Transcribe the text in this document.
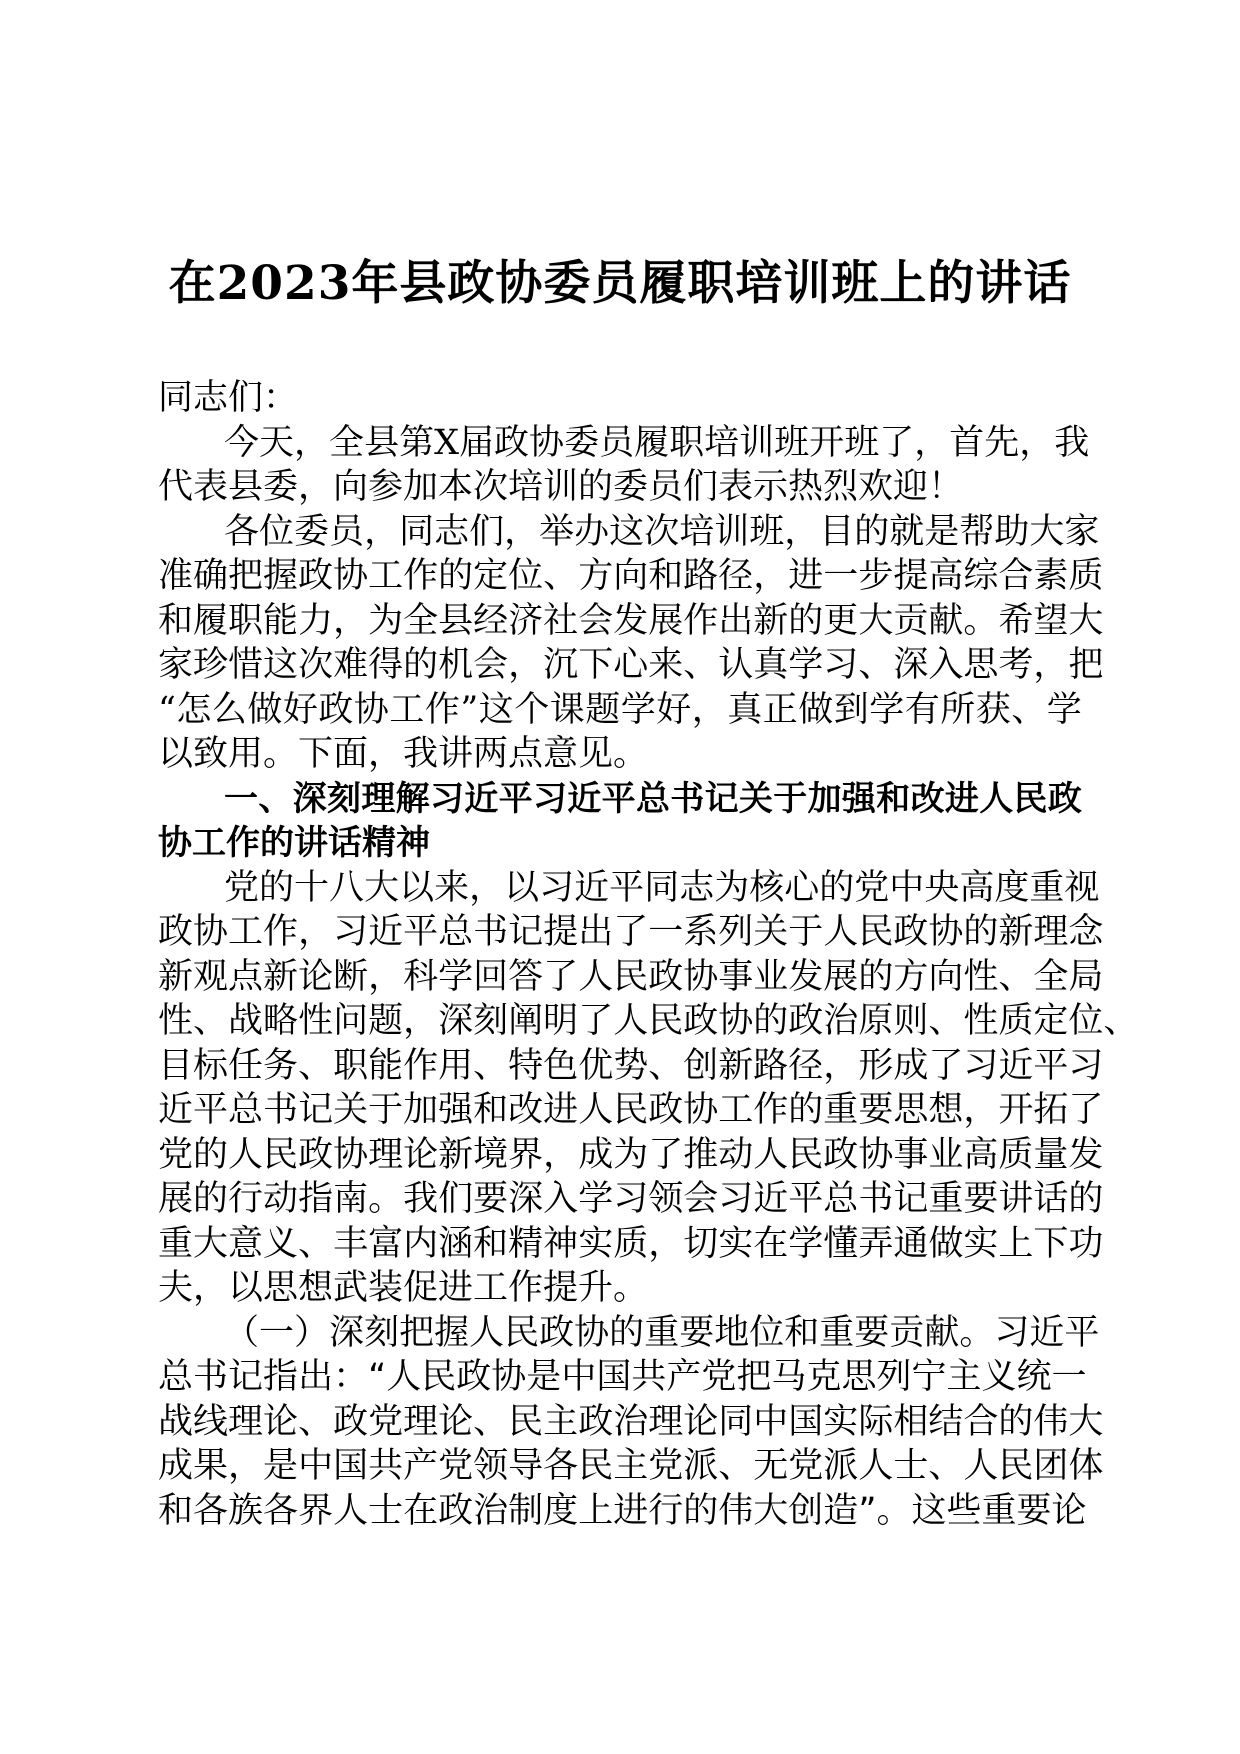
在2023年县政协委员履职培训班上的讲话
同志们：
今 天 ， 全 县 第 X 届 政 协 委 员 履 职 培 训 班 开 班 了 ， 首 先 ， 我
代表县委，向参加本次培训的委员们表示热烈欢迎！
各 位 委 员 ， 同 志 们 ， 举 办 这 次 培 训 班 ， 目 的 就 是 帮 助 大 家
准 确 把 握 政 协 工 作 的 定 位 、 方 向 和 路 径 ， 进 一 步 提 高 综 合 素 质
和 履 职 能 力 ， 为 全 县 经 济 社 会 发 展 作 出 新 的 更 大 贡 献 。 希 望 大
家 珍 惜 这 次 难 得 的 机 会 ， 沉 下 心 来 、 认 真 学 习 、 深 入 思 考 ， 把
“ 怎 么 做 好 政 协 工 作 ” 这 个 课 题 学 好 ， 真 正 做 到 学 有 所 获 、 学
以致用。下面，我讲两点意见。
一 、 深 刻 理 解 习 近 平 习 近 平 总 书 记 关 于 加 强 和 改 进 人 民 政
协工作的讲话精神
党 的 十 八 大 以 来 ， 以 习 近 平 同 志 为 核 心 的 党 中 央 高 度 重 视
政 协 工 作 ， 习 近 平 总 书 记 提 出 了 一 系 列 关 于 人 民 政 协 的 新 理 念
新 观 点 新 论 断 ， 科 学 回 答 了 人 民 政 协 事 业 发 展 的 方 向 性 、 全 局
性 、 战 略 性 问 题 ， 深 刻 阐 明 了 人 民 政 协 的 政 治 原 则 、 性 质 定 位 、
目 标 任 务 、 职 能 作 用 、 特 色 优 势 、 创 新 路 径 ， 形 成 了 习 近 平 习
近 平 总 书 记 关 于 加 强 和 改 进 人 民 政 协 工 作 的 重 要 思 想 ， 开 拓 了
党 的 人 民 政 协 理 论 新 境 界 ， 成 为 了 推 动 人 民 政 协 事 业 高 质 量 发
展 的 行 动 指 南 。 我 们 要 深 入 学 习 领 会 习 近 平 总 书 记 重 要 讲 话 的
重 大 意 义 、 丰 富 内 涵 和 精 神 实 质 ， 切 实 在 学 懂 弄 通 做 实 上 下 功
夫，以思想武装促进工作提升。
（ 一 ） 深 刻 把 握 人 民 政 协 的 重 要 地 位 和 重 要 贡 献 。 习 近 平
总 书 记 指 出 ： “ 人 民 政 协 是 中 国 共 产 党 把 马 克 思 列 宁 主 义 统 一
战 线 理 论 、 政 党 理 论 、 民 主 政 治 理 论 同 中 国 实 际 相 结 合 的 伟 大
成 果 ， 是 中 国 共 产 党 领 导 各 民 主 党 派 、 无 党 派 人 士 、 人 民 团 体
和 各 族 各 界 人 士 在 政 治 制 度 上 进 行 的 伟 大 创 造 ” 。 这 些 重 要 论
